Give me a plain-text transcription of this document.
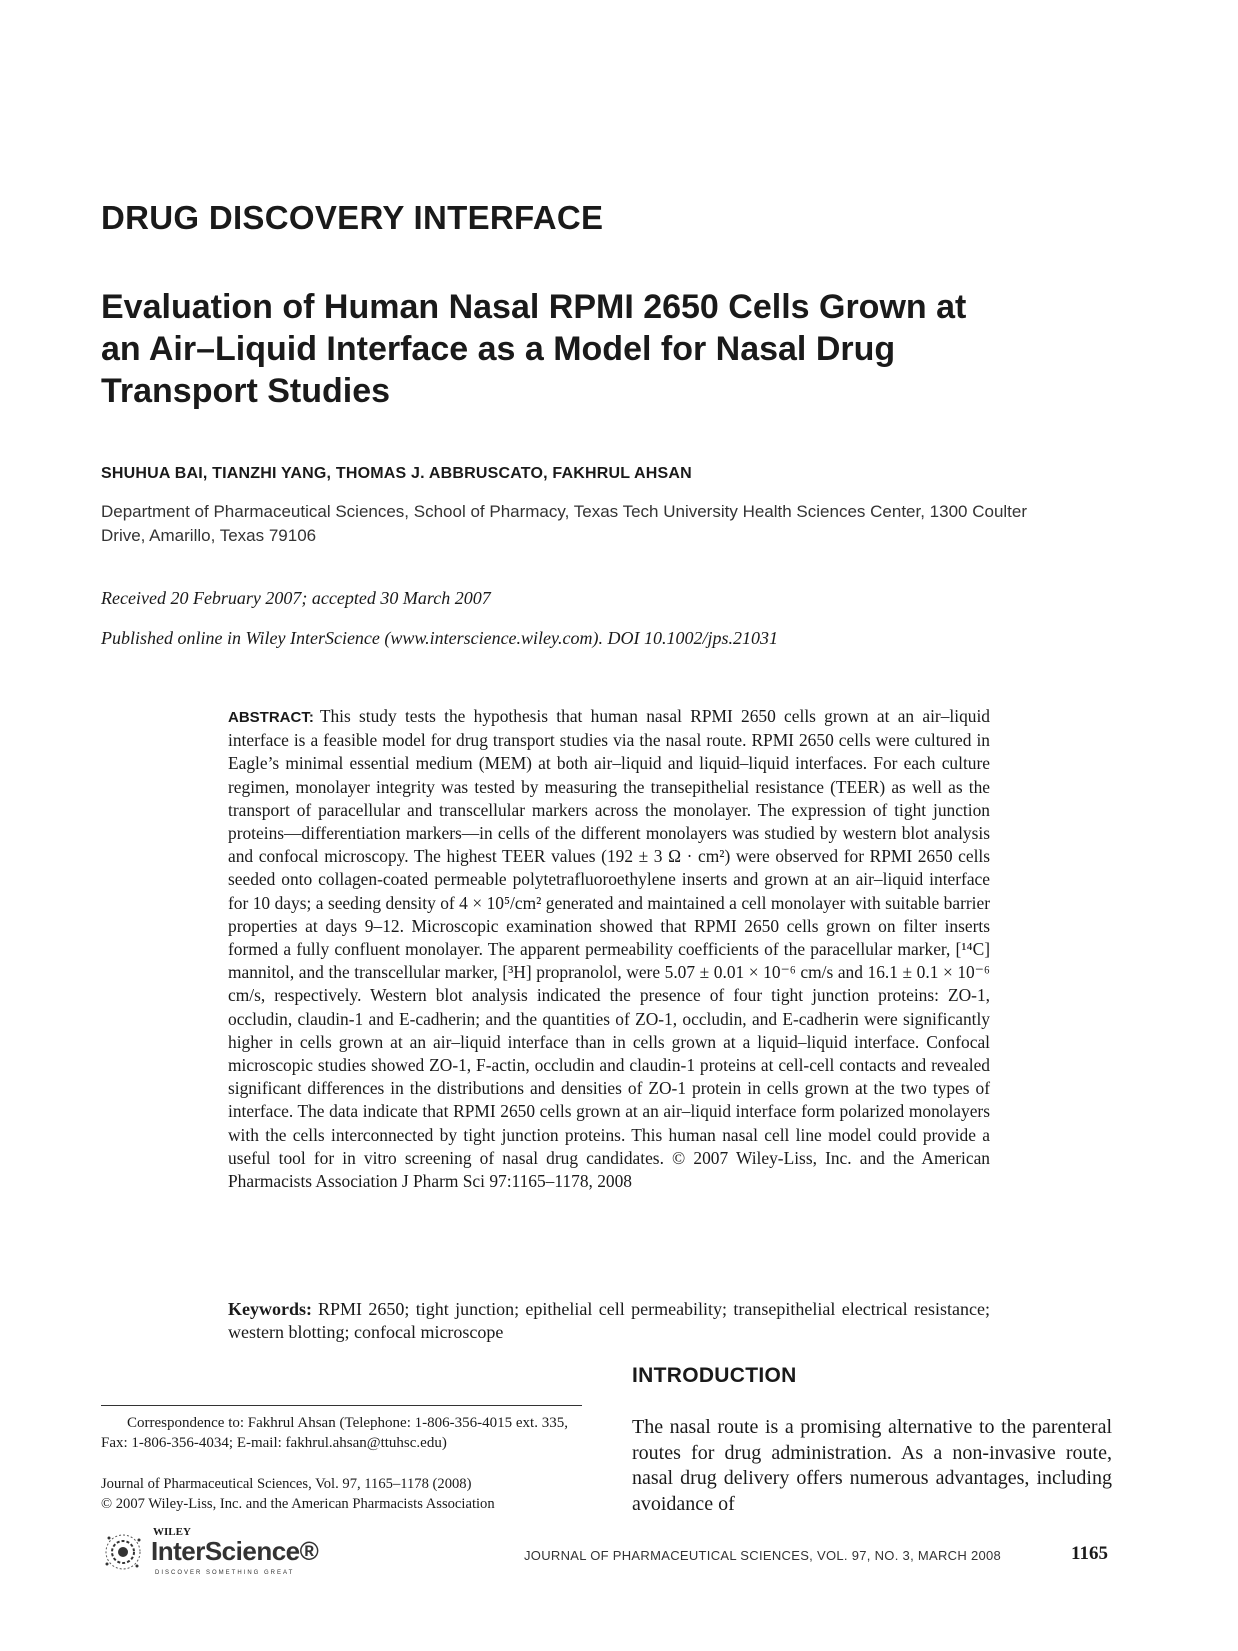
DRUG DISCOVERY INTERFACE
Evaluation of Human Nasal RPMI 2650 Cells Grown at an Air–Liquid Interface as a Model for Nasal Drug Transport Studies
SHUHUA BAI, TIANZHI YANG, THOMAS J. ABBRUSCATO, FAKHRUL AHSAN
Department of Pharmaceutical Sciences, School of Pharmacy, Texas Tech University Health Sciences Center, 1300 Coulter Drive, Amarillo, Texas 79106
Received 20 February 2007; accepted 30 March 2007
Published online in Wiley InterScience (www.interscience.wiley.com). DOI 10.1002/jps.21031
ABSTRACT: This study tests the hypothesis that human nasal RPMI 2650 cells grown at an air–liquid interface is a feasible model for drug transport studies via the nasal route. RPMI 2650 cells were cultured in Eagle’s minimal essential medium (MEM) at both air–liquid and liquid–liquid interfaces. For each culture regimen, monolayer integrity was tested by measuring the transepithelial resistance (TEER) as well as the transport of paracellular and transcellular markers across the monolayer. The expression of tight junction proteins—differentiation markers—in cells of the different monolayers was studied by western blot analysis and confocal microscopy. The highest TEER values (192 ± 3 Ω · cm²) were observed for RPMI 2650 cells seeded onto collagen-coated permeable polytetrafluoroethylene inserts and grown at an air–liquid interface for 10 days; a seeding density of 4 × 10⁵/cm² generated and maintained a cell monolayer with suitable barrier properties at days 9–12. Microscopic examination showed that RPMI 2650 cells grown on filter inserts formed a fully confluent monolayer. The apparent permeability coefficients of the paracellular marker, [¹⁴C] mannitol, and the transcellular marker, [³H] propranolol, were 5.07 ± 0.01 × 10⁻⁶ cm/s and 16.1 ± 0.1 × 10⁻⁶ cm/s, respectively. Western blot analysis indicated the presence of four tight junction proteins: ZO-1, occludin, claudin-1 and E-cadherin; and the quantities of ZO-1, occludin, and E-cadherin were significantly higher in cells grown at an air–liquid interface than in cells grown at a liquid–liquid interface. Confocal microscopic studies showed ZO-1, F-actin, occludin and claudin-1 proteins at cell-cell contacts and revealed significant differences in the distributions and densities of ZO-1 protein in cells grown at the two types of interface. The data indicate that RPMI 2650 cells grown at an air–liquid interface form polarized monolayers with the cells interconnected by tight junction proteins. This human nasal cell line model could provide a useful tool for in vitro screening of nasal drug candidates. © 2007 Wiley-Liss, Inc. and the American Pharmacists Association J Pharm Sci 97:1165–1178, 2008
Keywords: RPMI 2650; tight junction; epithelial cell permeability; transepithelial electrical resistance; western blotting; confocal microscope
Correspondence to: Fakhrul Ahsan (Telephone: 1-806-356-4015 ext. 335, Fax: 1-806-356-4034; E-mail: fakhrul.ahsan@ttuhsc.edu)
Journal of Pharmaceutical Sciences, Vol. 97, 1165–1178 (2008)
© 2007 Wiley-Liss, Inc. and the American Pharmacists Association
INTRODUCTION
The nasal route is a promising alternative to the parenteral routes for drug administration. As a non-invasive route, nasal drug delivery offers numerous advantages, including avoidance of
WILEY
InterScience®
DISCOVER SOMETHING GREAT
JOURNAL OF PHARMACEUTICAL SCIENCES, VOL. 97, NO. 3, MARCH 2008	1165
